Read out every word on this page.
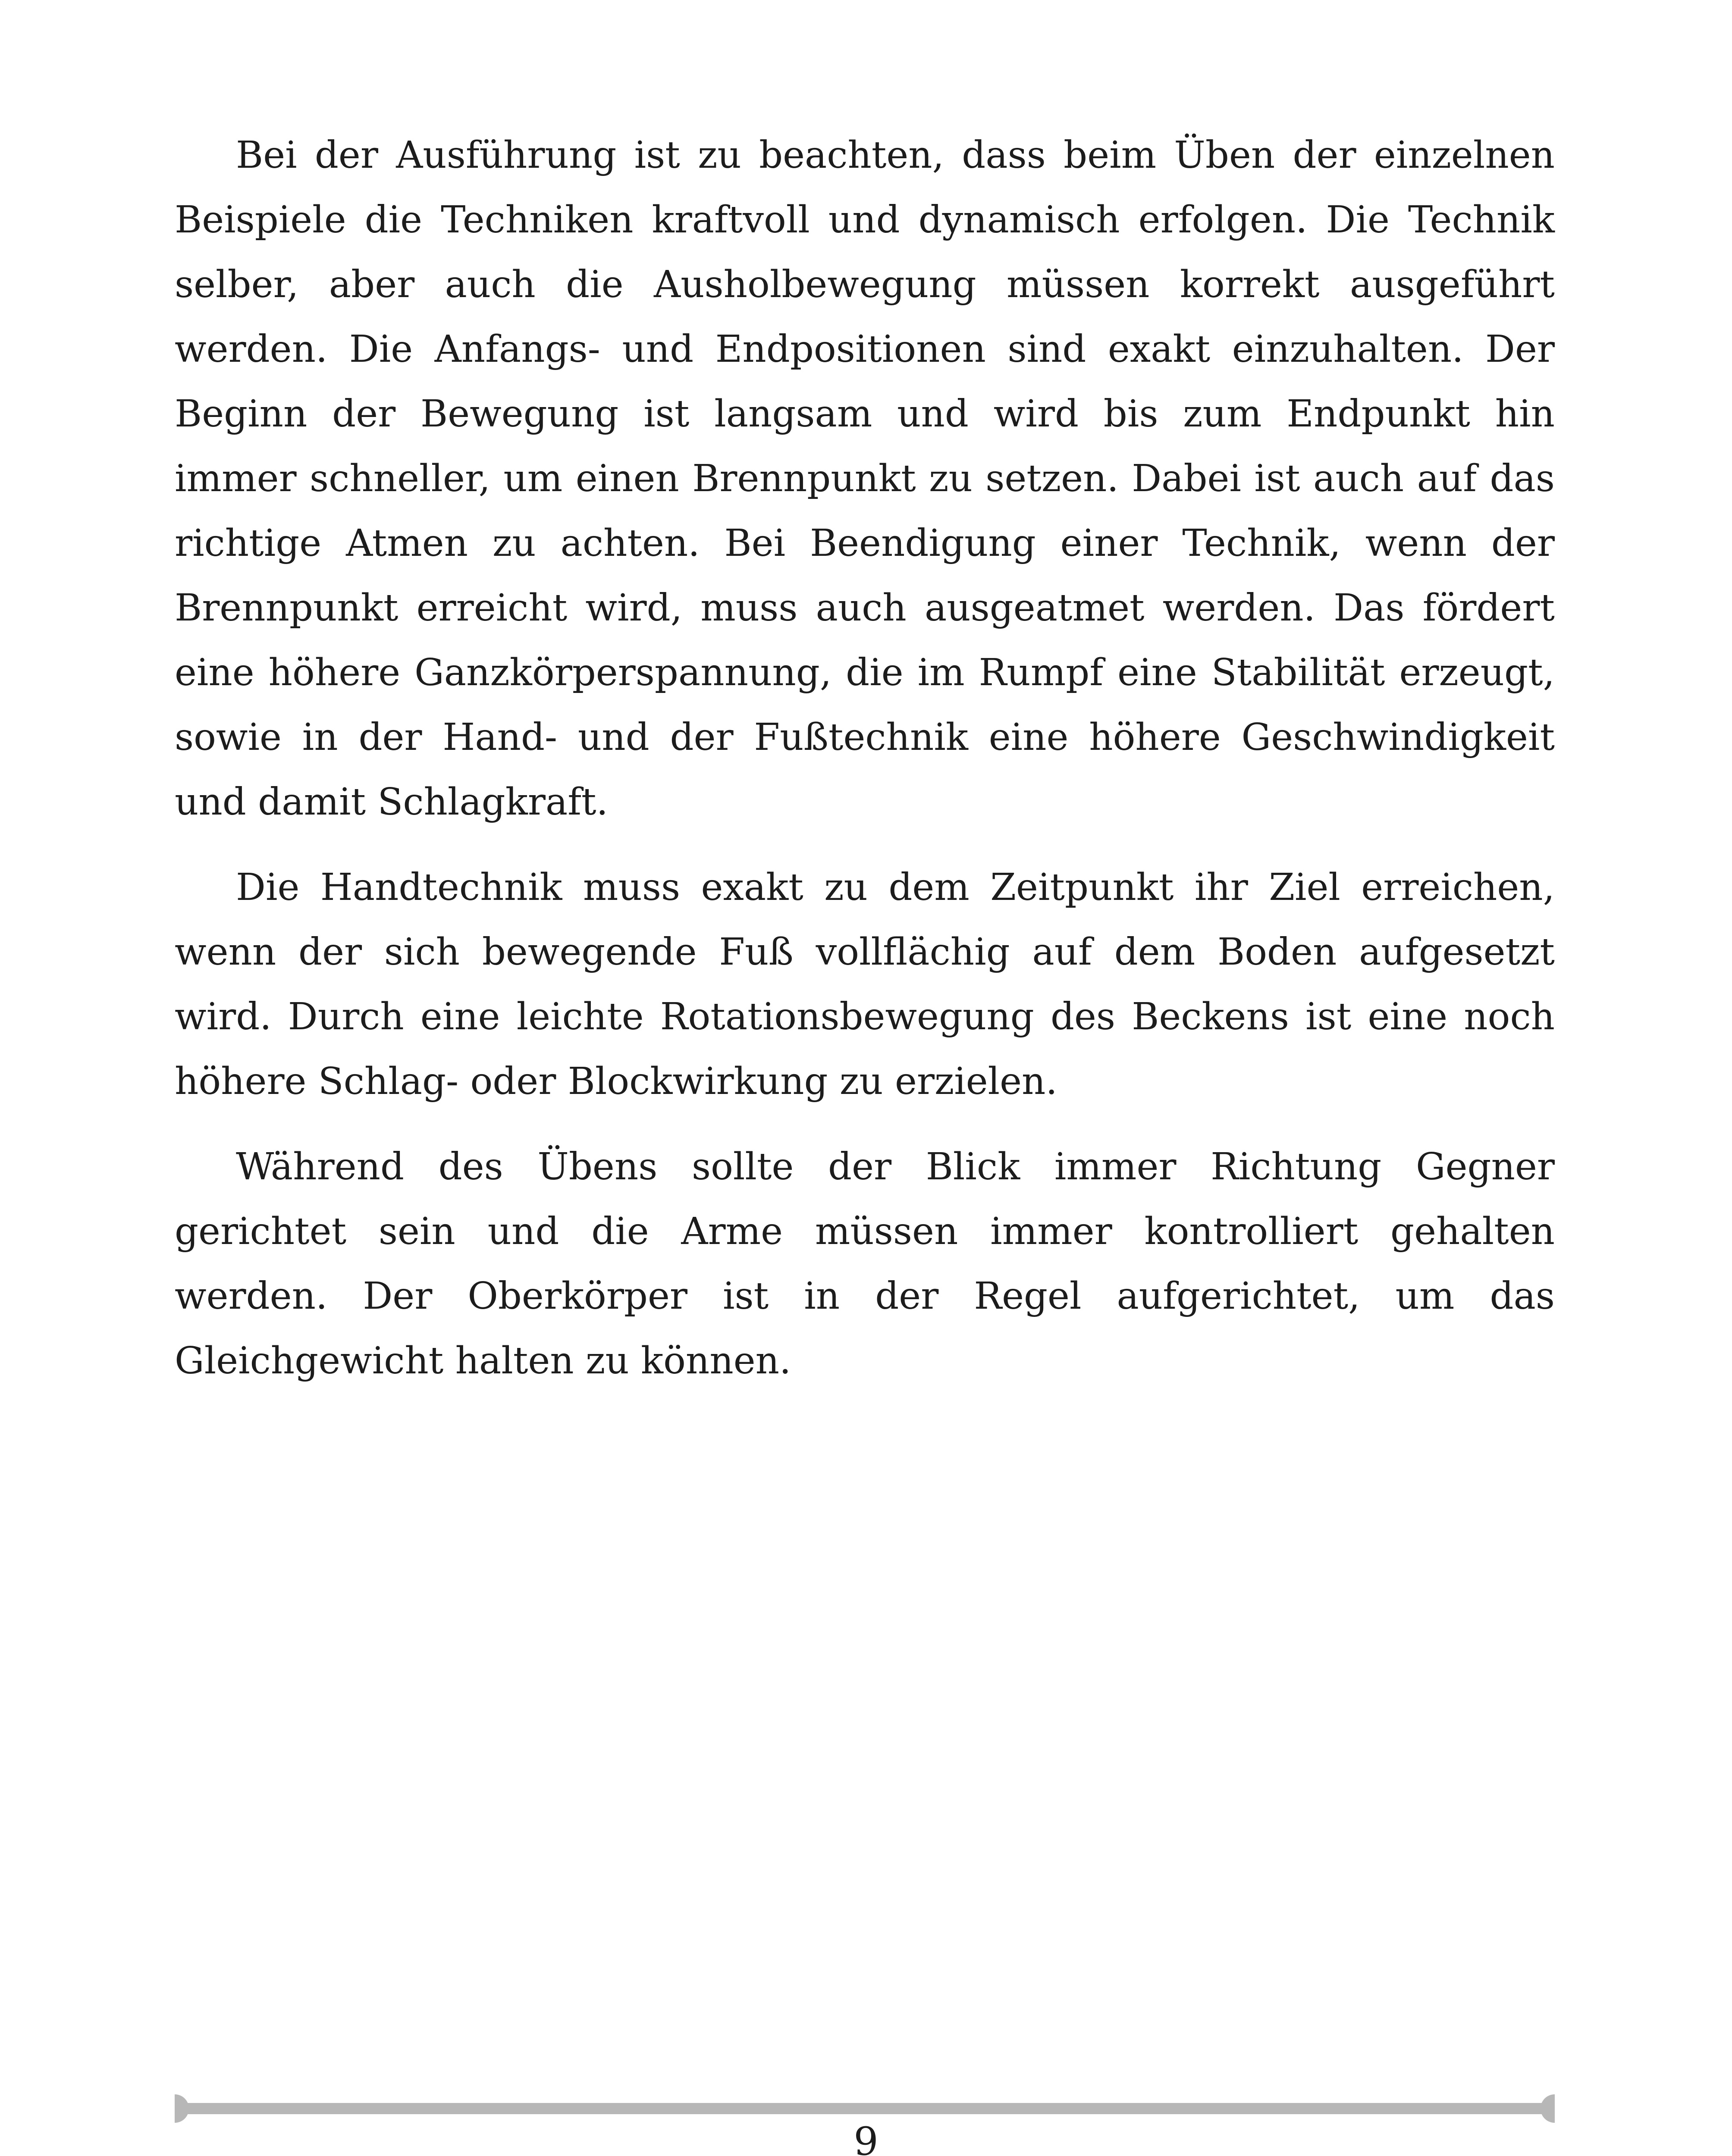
Bei der Ausführung ist zu beachten, dass beim Üben der einzelnen Beispiele die Techniken kraftvoll und dynamisch erfolgen. Die Technik selber, aber auch die Ausholbewegung müssen korrekt ausgeführt werden. Die Anfangs- und Endpositionen sind exakt einzuhalten. Der Beginn der Bewegung ist langsam und wird bis zum Endpunkt hin immer schneller, um einen Brennpunkt zu setzen. Dabei ist auch auf das richtige Atmen zu achten. Bei Beendigung einer Technik, wenn der Brennpunkt erreicht wird, muss auch ausgeatmet werden. Das fördert eine höhere Ganzkörperspannung, die im Rumpf eine Stabilität erzeugt, sowie in der Hand- und der Fußtechnik eine höhere Geschwindigkeit und damit Schlagkraft.

Die Handtechnik muss exakt zu dem Zeitpunkt ihr Ziel erreichen, wenn der sich bewegende Fuß vollflächig auf dem Boden aufgesetzt wird. Durch eine leichte Rotationsbewegung des Beckens ist eine noch höhere Schlag- oder Blockwirkung zu erzielen.

Während des Übens sollte der Blick immer Richtung Gegner gerichtet sein und die Arme müssen immer kontrolliert gehalten werden. Der Oberkörper ist in der Regel aufgerichtet, um das Gleichgewicht halten zu können.

9
